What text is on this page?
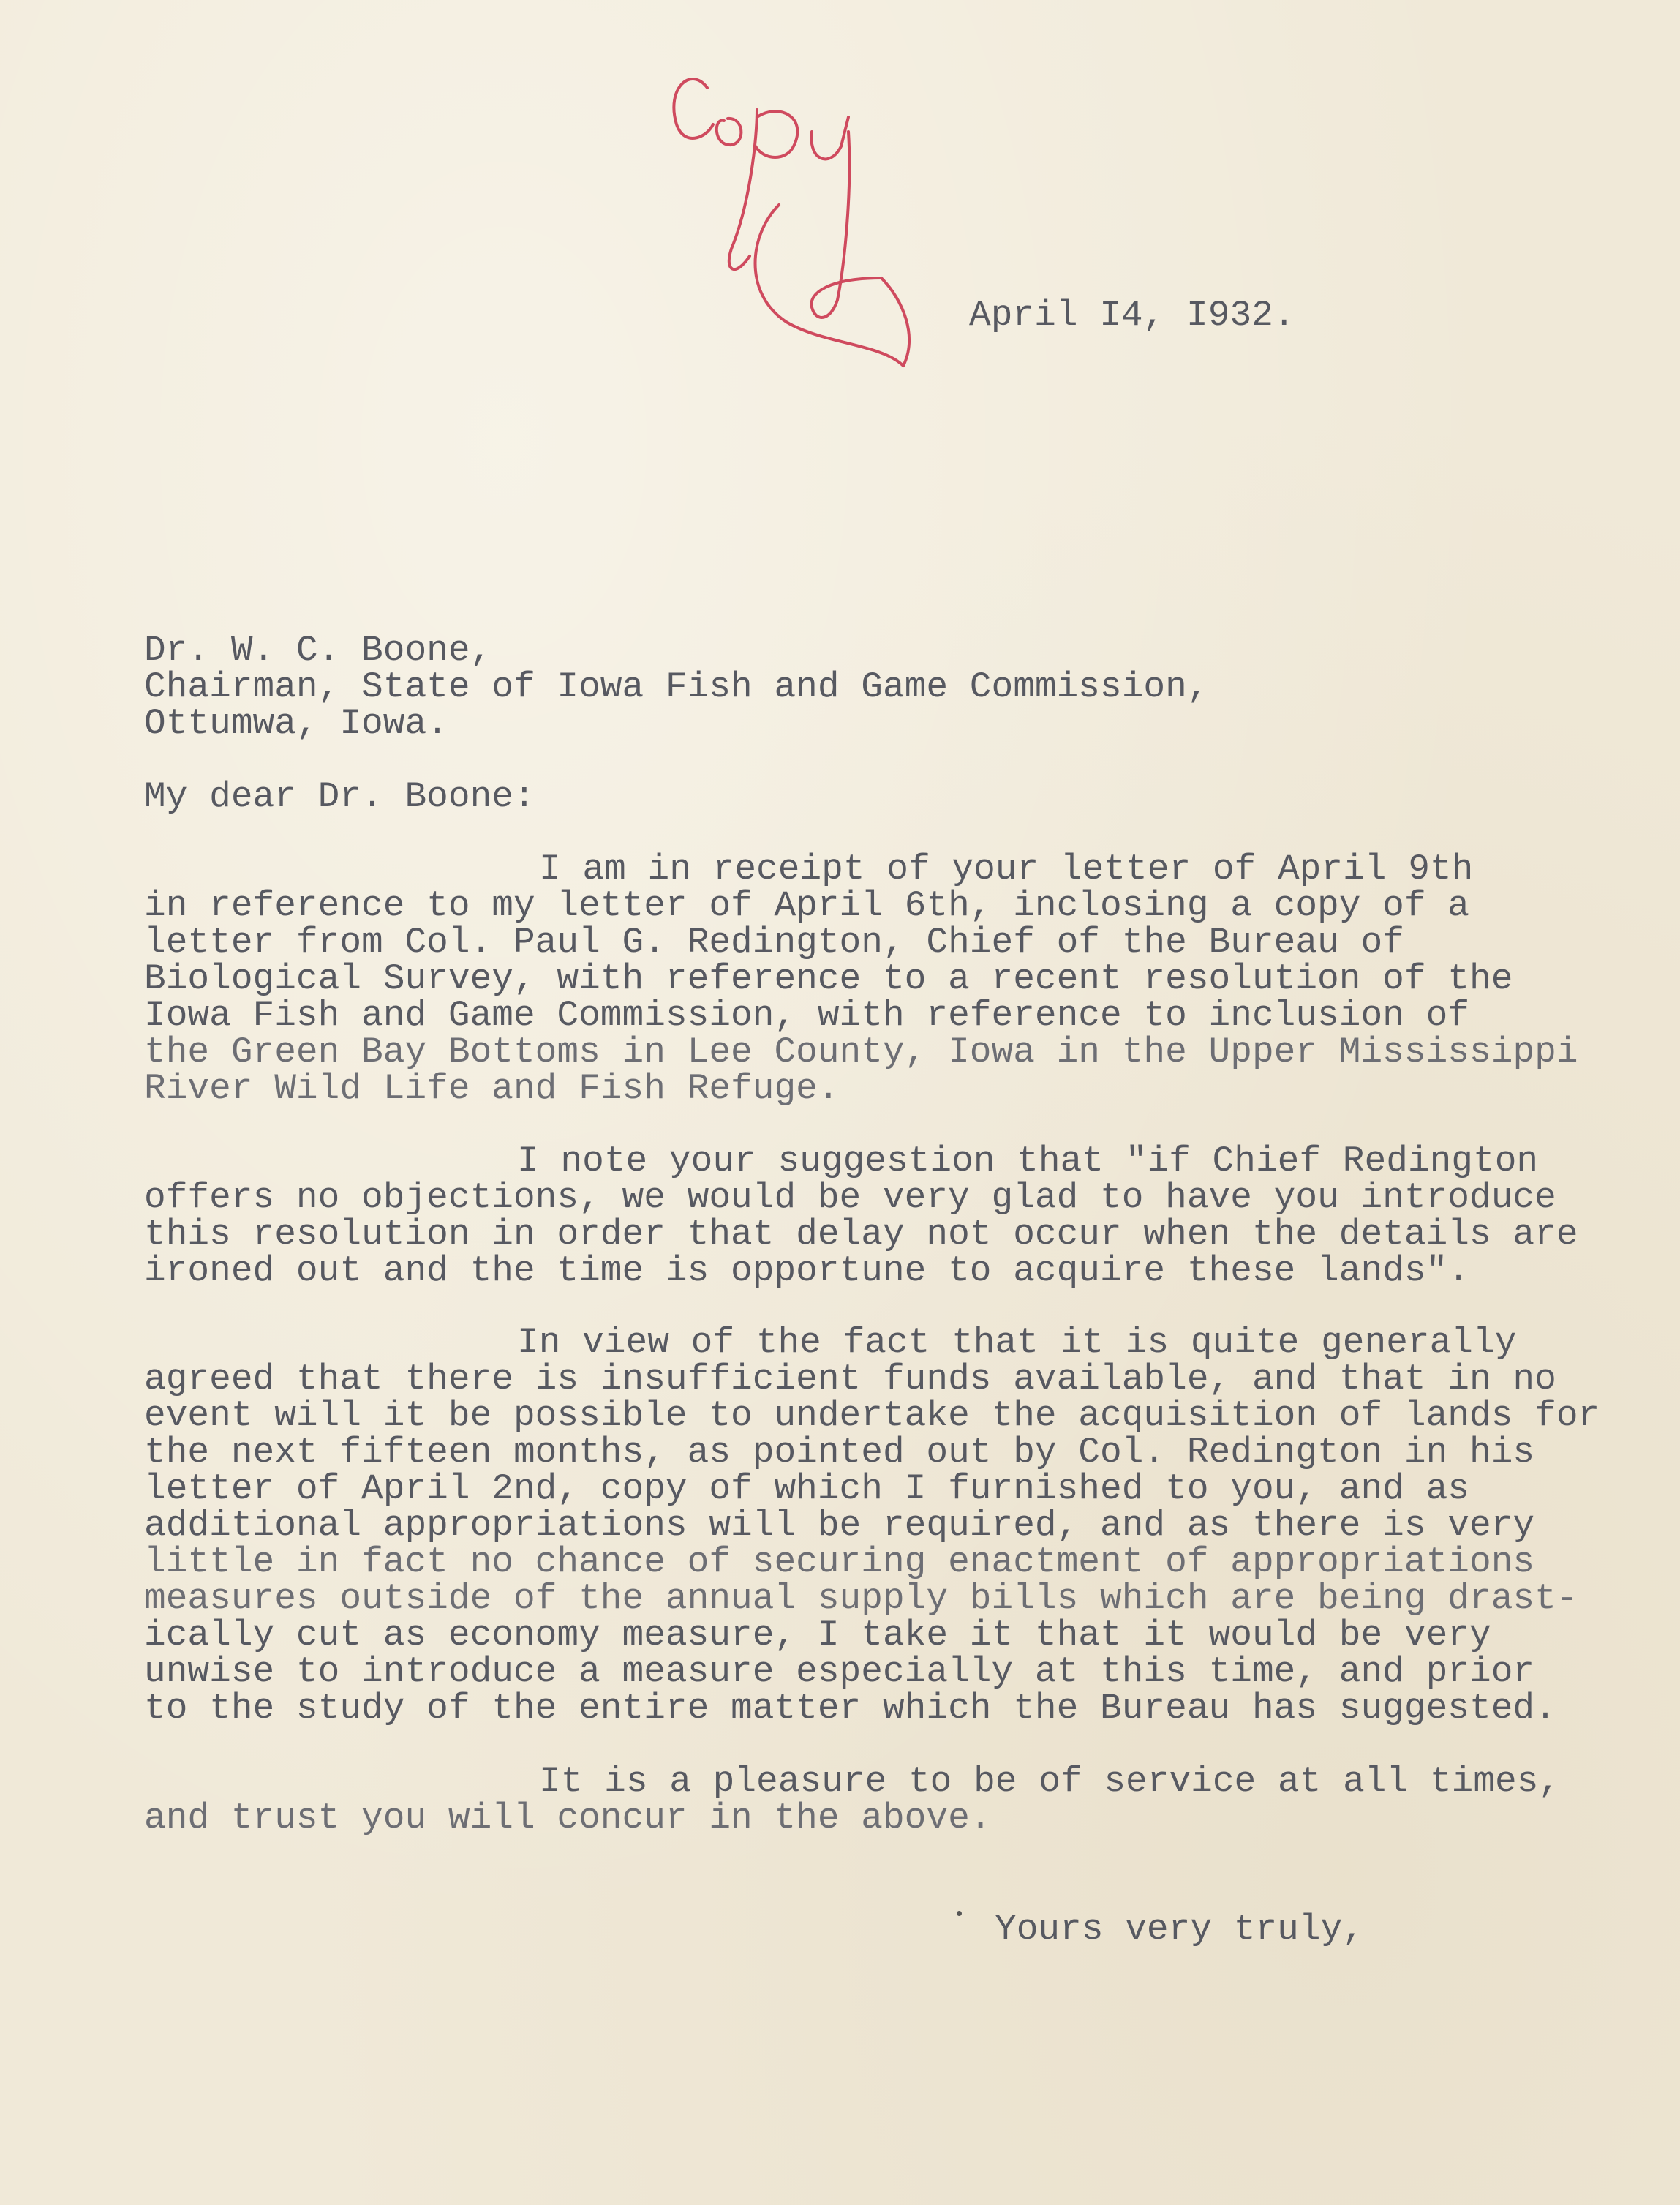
April I4, I932.
Dr. W. C. Boone,
Chairman, State of Iowa Fish and Game Commission,
Ottumwa, Iowa.
My dear Dr. Boone:
I am in receipt of your letter of April 9th
in reference to my letter of April 6th, inclosing a copy of a
letter from Col. Paul G. Redington, Chief of the Bureau of
Biological Survey, with reference to a recent resolution of the
Iowa Fish and Game Commission, with reference to inclusion of
the Green Bay Bottoms in Lee County, Iowa in the Upper Mississippi
River Wild Life and Fish Refuge.
I note your suggestion that "if Chief Redington
offers no objections, we would be very glad to have you introduce
this resolution in order that delay not occur when the details are
ironed out and the time is opportune to acquire these lands".
In view of the fact that it is quite generally
agreed that there is insufficient funds available, and that in no
event will it be possible to undertake the acquisition of lands for
the next fifteen months, as pointed out by Col. Redington in his
letter of April 2nd, copy of which I furnished to you, and as
additional appropriations will be required, and as there is very
little in fact no chance of securing enactment of appropriations
measures outside of the annual supply bills which are being drast-
ically cut as economy measure, I take it that it would be very
unwise to introduce a measure especially at this time, and prior
to the study of the entire matter which the Bureau has suggested.
It is a pleasure to be of service at all times,
and trust you will concur in the above.
Yours very truly,
